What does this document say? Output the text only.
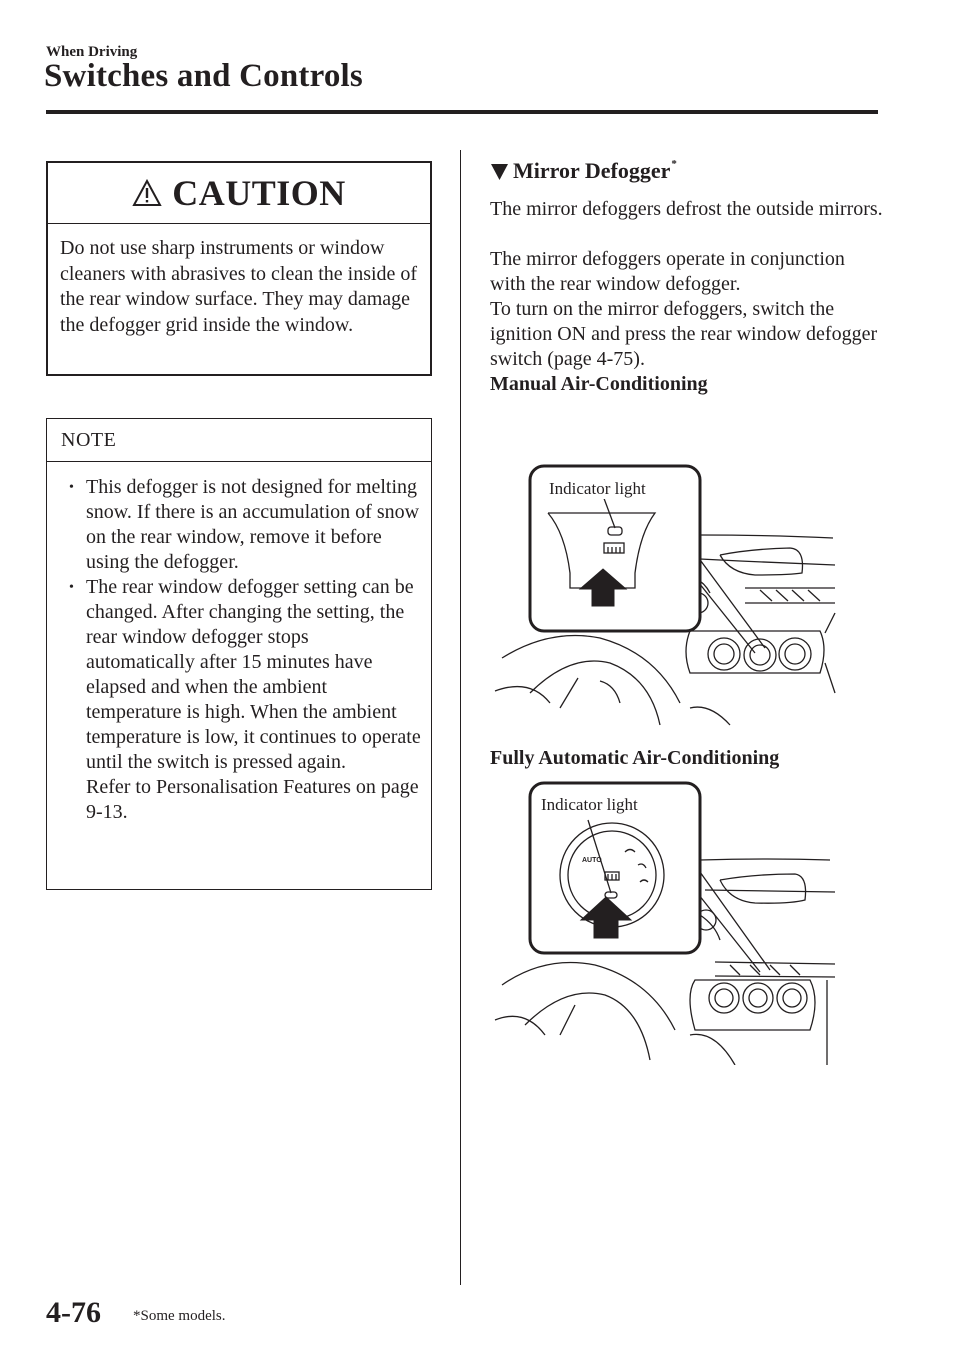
When Driving
Switches and Controls
CAUTION
Do not use sharp instruments or window cleaners with abrasives to clean the inside of the rear window surface. They may damage the defogger grid inside the window.
NOTE
• This defogger is not designed for melting snow. If there is an accumulation of snow on the rear window, remove it before using the defogger.
• The rear window defogger setting can be changed. After changing the setting, the rear window defogger stops automatically after 15 minutes have elapsed and when the ambient temperature is high. When the ambient temperature is low, it continues to operate until the switch is pressed again.
Refer to Personalisation Features on page 9-13.
Mirror Defogger*

The mirror defoggers defrost the outside mirrors.

The mirror defoggers operate in conjunction with the rear window defogger.

To turn on the mirror defoggers, switch the ignition ON and press the rear window defogger switch (page 4-75).

Manual Air-Conditioning

Indicator light

Fully Automatic Air-Conditioning

Indicator light
AUTO
4-76 *Some models.
